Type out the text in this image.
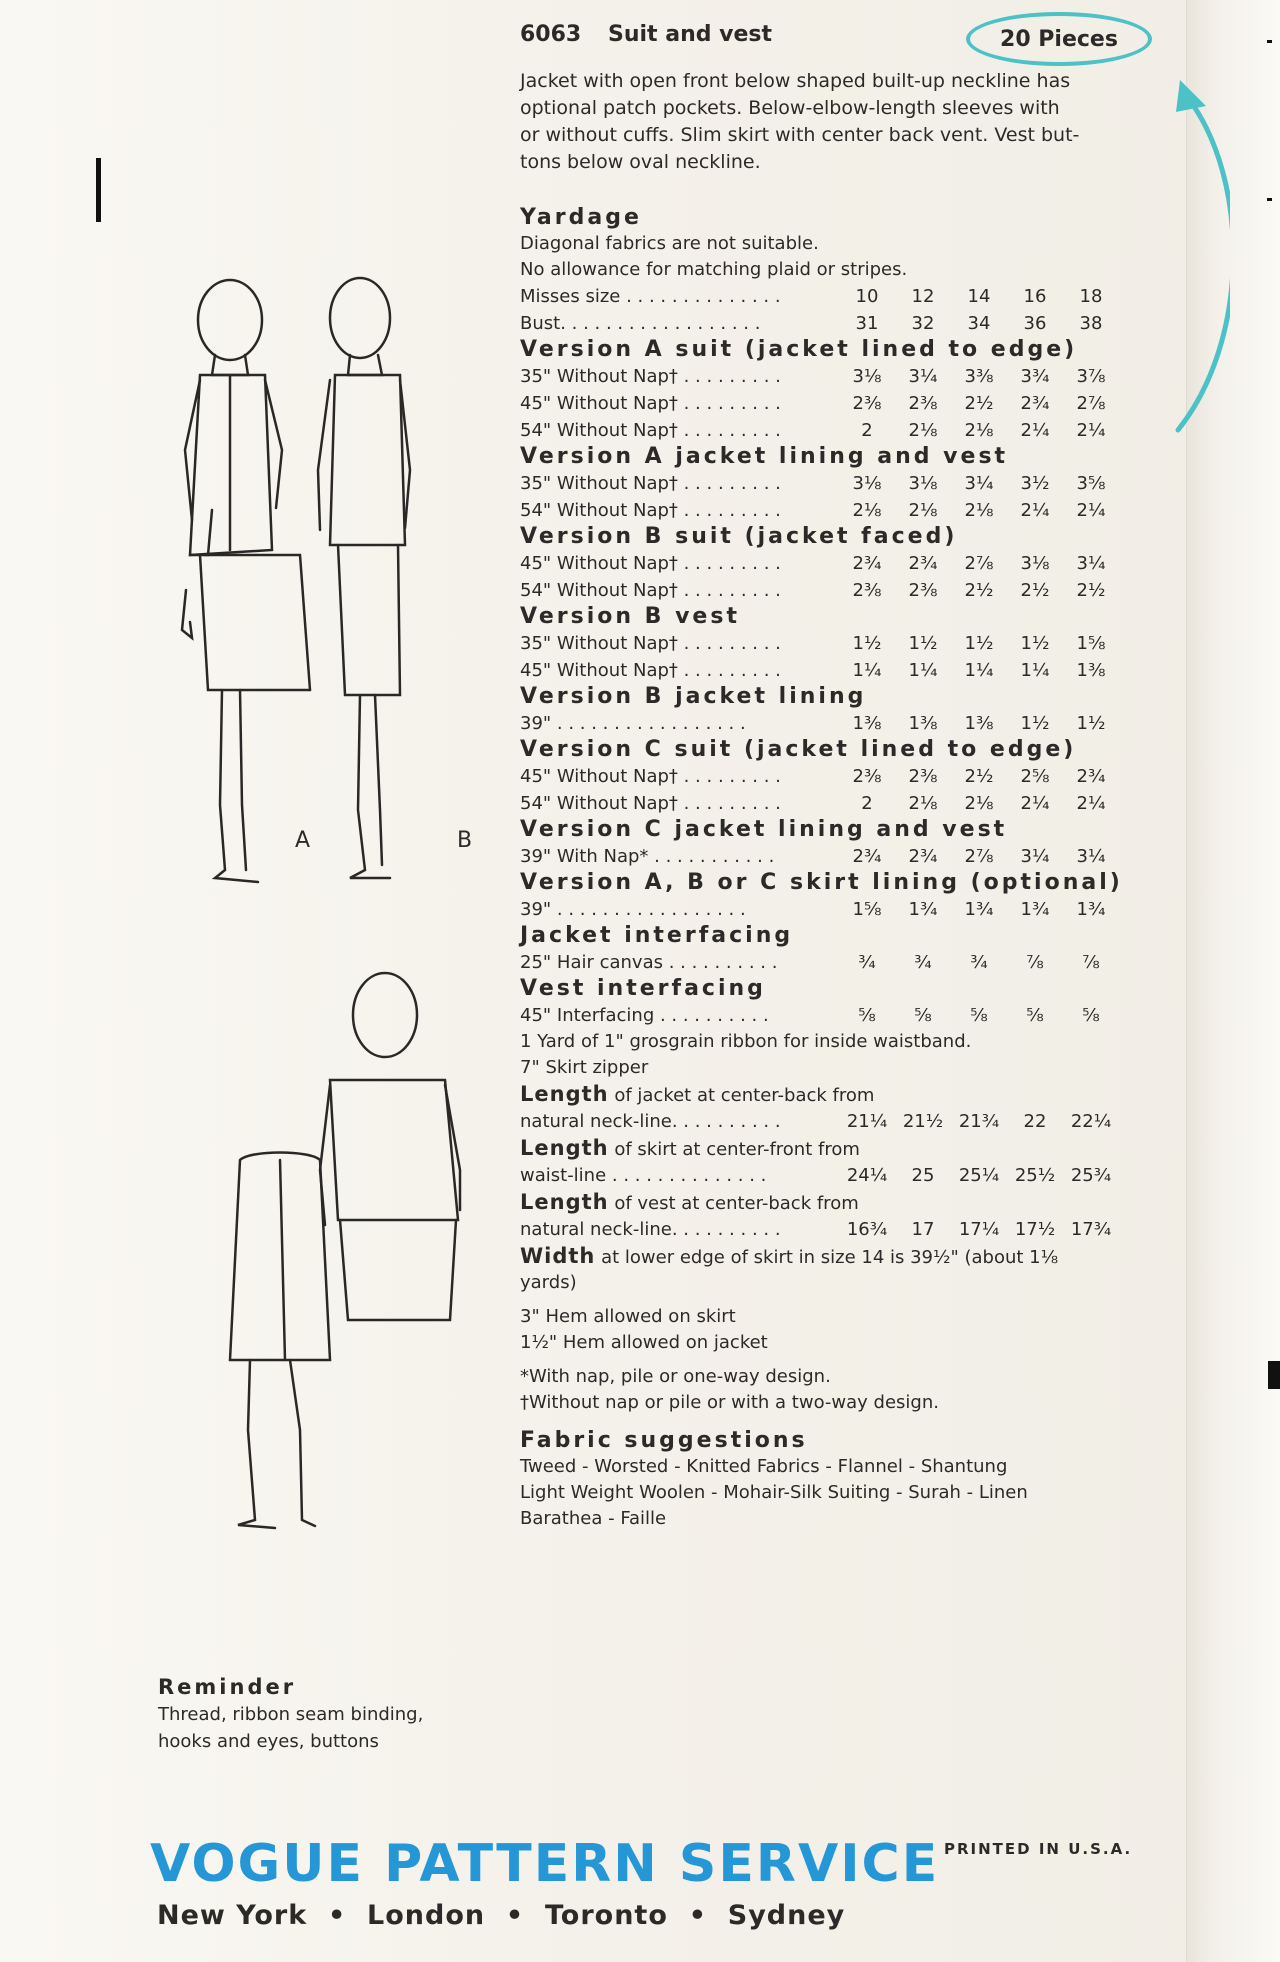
6063 Suit and vest	20 Pieces
Jacket with open front below shaped built-up neckline has
optional patch pockets. Below-elbow-length sleeves with
or without cuffs. Slim skirt with center back vent. Vest but-
tons below oval neckline.
Yardage
Diagonal fabrics are not suitable.
No allowance for matching plaid or stripes.
Misses size . . . . . . . . . . . . . .	10	12	14	16	18
Bust. . . . . . . . . . . . . . . . . .	31	32	34	36	38
Version A suit (jacket lined to edge)
35" Without Nap† . . . . . . . . .	3⅛	3¼	3⅜	3¾	3⅞
45" Without Nap† . . . . . . . . .	2⅜	2⅜	2½	2¾	2⅞
54" Without Nap† . . . . . . . . .	2	2⅛	2⅛	2¼	2¼
Version A jacket lining and vest
35" Without Nap† . . . . . . . . .	3⅛	3⅛	3¼	3½	3⅝
54" Without Nap† . . . . . . . . .	2⅛	2⅛	2⅛	2¼	2¼
Version B suit (jacket faced)
45" Without Nap† . . . . . . . . .	2¾	2¾	2⅞	3⅛	3¼
54" Without Nap† . . . . . . . . .	2⅜	2⅜	2½	2½	2½
Version B vest
35" Without Nap† . . . . . . . . .	1½	1½	1½	1½	1⅝
45" Without Nap† . . . . . . . . .	1¼	1¼	1¼	1¼	1⅜
Version B jacket lining
39" . . . . . . . . . . . . . . . . .	1⅜	1⅜	1⅜	1½	1½
Version C suit (jacket lined to edge)
45" Without Nap† . . . . . . . . .	2⅜	2⅜	2½	2⅝	2¾
54" Without Nap† . . . . . . . . .	2	2⅛	2⅛	2¼	2¼
Version C jacket lining and vest
39" With Nap* . . . . . . . . . . .	2¾	2¾	2⅞	3¼	3¼
Version A, B or C skirt lining (optional)
39" . . . . . . . . . . . . . . . . .	1⅝	1¾	1¾	1¾	1¾
Jacket interfacing
25" Hair canvas . . . . . . . . . .	¾	¾	¾	⅞	⅞
Vest interfacing
45" Interfacing . . . . . . . . . .	⅝	⅝	⅝	⅝	⅝
1 Yard of 1" grosgrain ribbon for inside waistband.
7" Skirt zipper
Length of jacket at center-back from
natural neck-line. . . . . . . . . .	21¼ 21½ 21¾	22	22¼
Length of skirt at center-front from
waist-line . . . . . . . . . . . . . .	24¼	25	25¼ 25½ 25¾
Length of vest at center-back from
natural neck-line. . . . . . . . . .	16¾	17	17¼ 17½ 17¾
Width at lower edge of skirt in size 14 is 39½" (about 1⅛
yards)
3" Hem allowed on skirt
1½" Hem allowed on jacket
*With nap, pile or one-way design.
†Without nap or pile or with a two-way design.
Fabric suggestions
Tweed - Worsted - Knitted Fabrics - Flannel - Shantung
Light Weight Woolen - Mohair-Silk Suiting - Surah - Linen
Barathea - Faille
A	B
Reminder
Thread, ribbon seam binding,
hooks and eyes, buttons
VOGUE PATTERN SERVICE
New York  •  London  •  Toronto  •  Sydney
PRINTED IN U.S.A.
